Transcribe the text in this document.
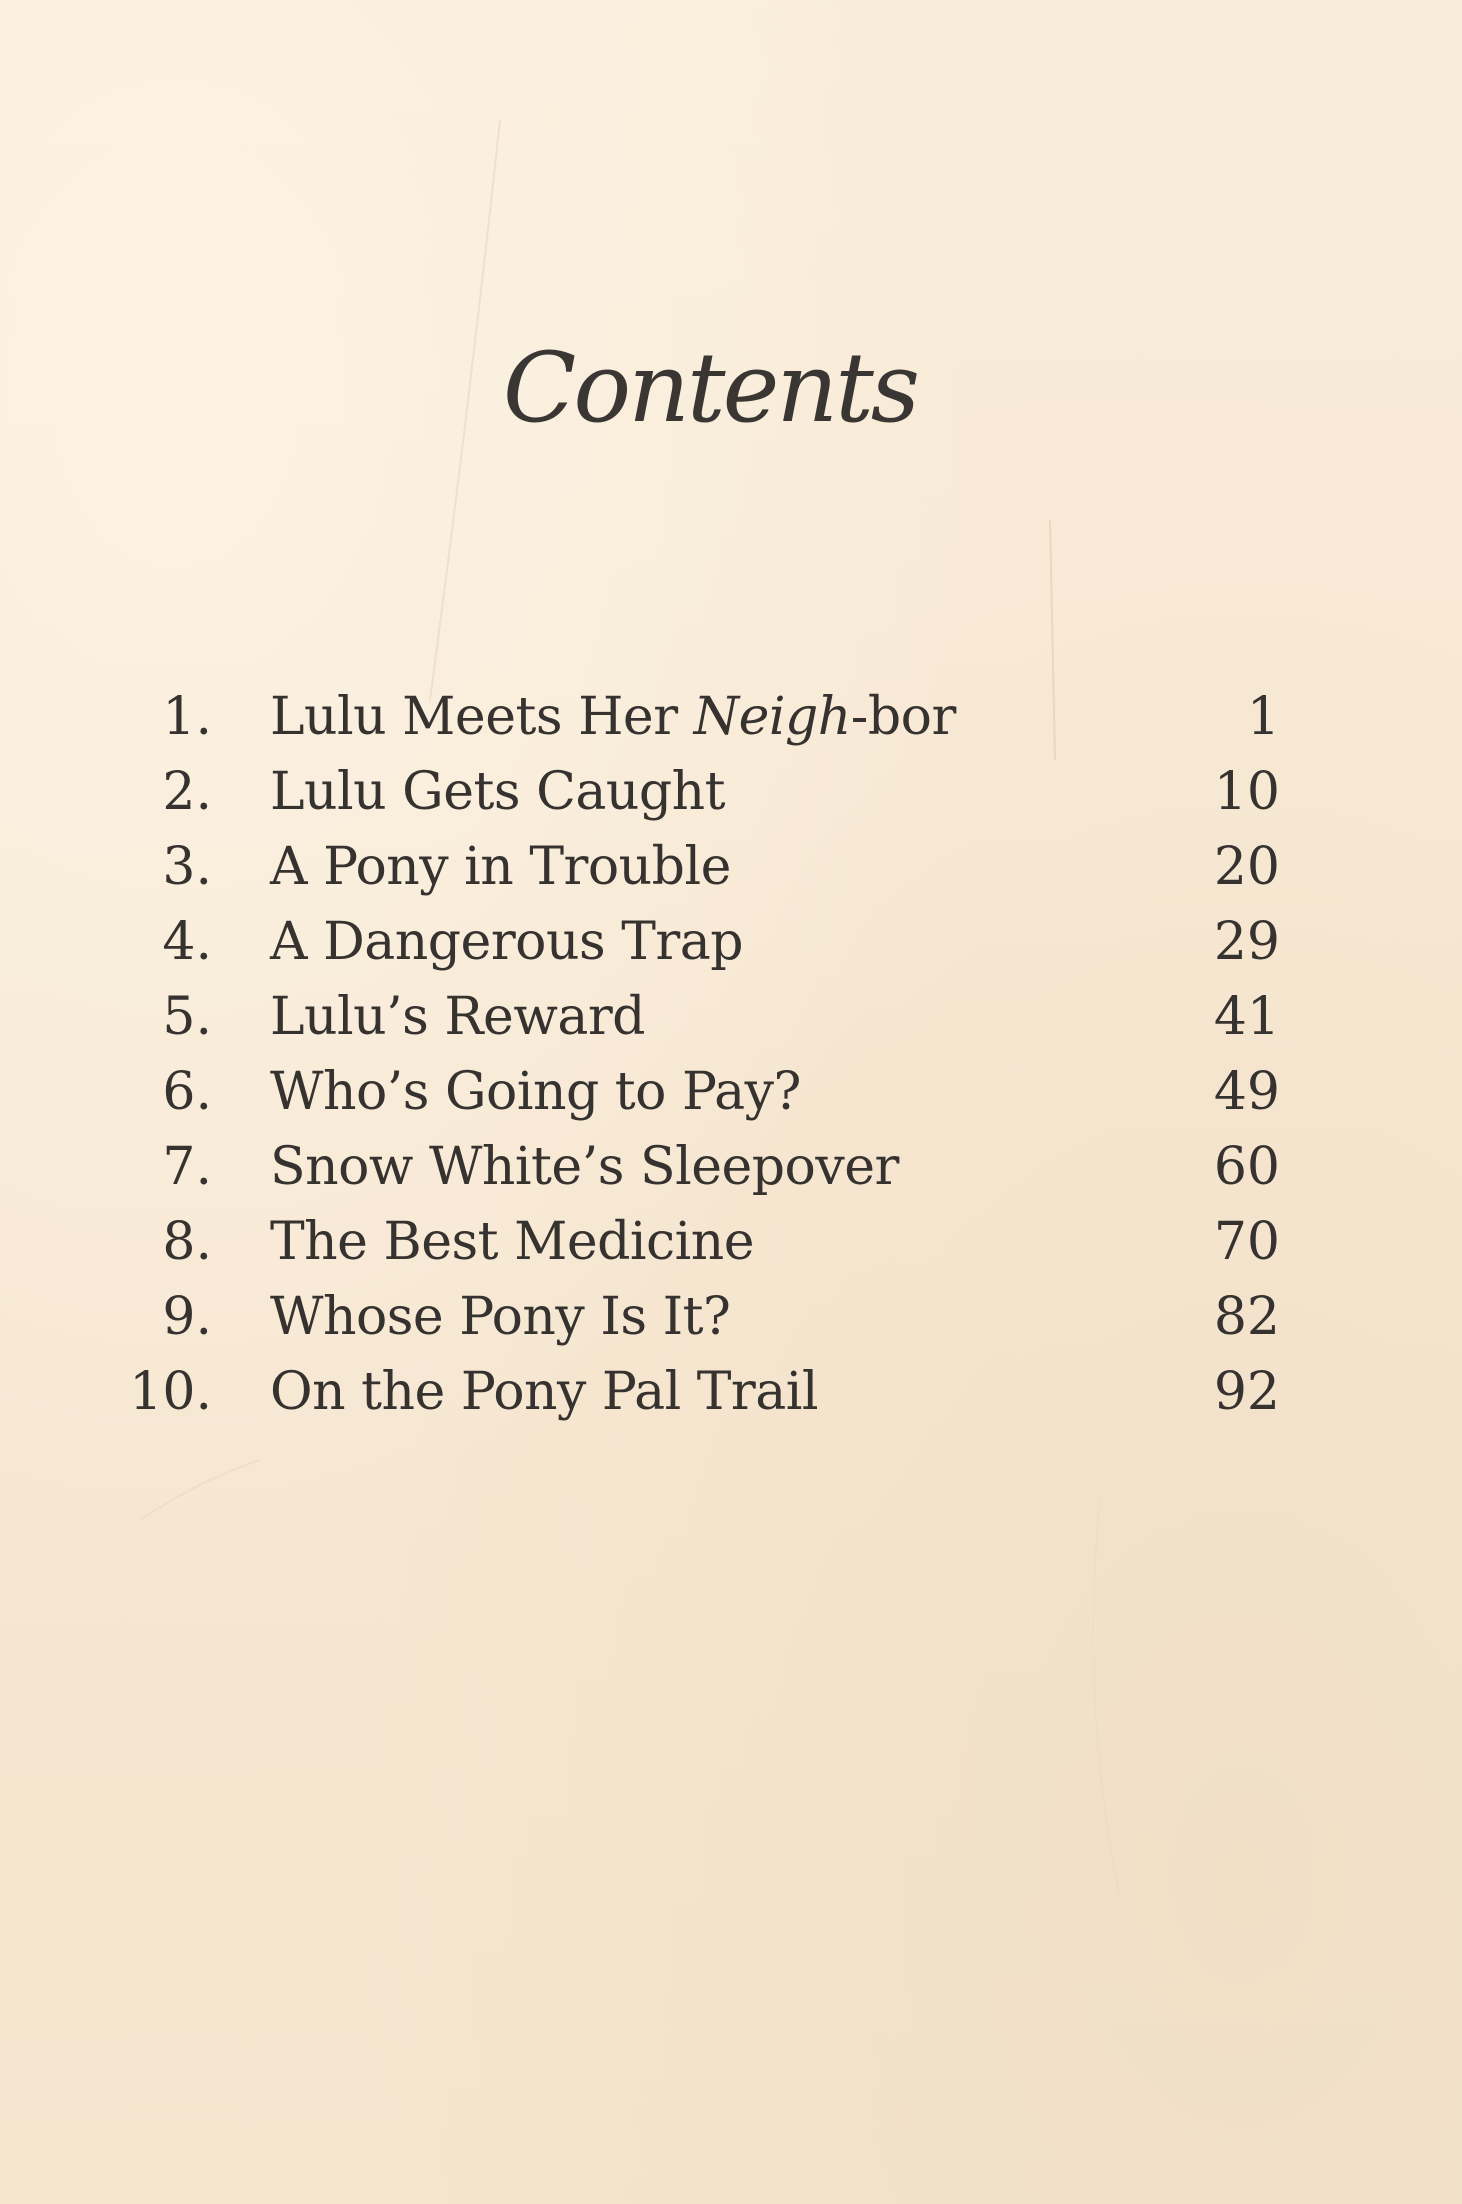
Contents
1. Lulu Meets Her Neigh-bor	1
2. Lulu Gets Caught	10
3. A Pony in Trouble	20
4. A Dangerous Trap	29
5. Lulu’s Reward	41
6. Who’s Going to Pay?	49
7. Snow White’s Sleepover	60
8. The Best Medicine	70
9. Whose Pony Is It?	82
10. On the Pony Pal Trail	92
